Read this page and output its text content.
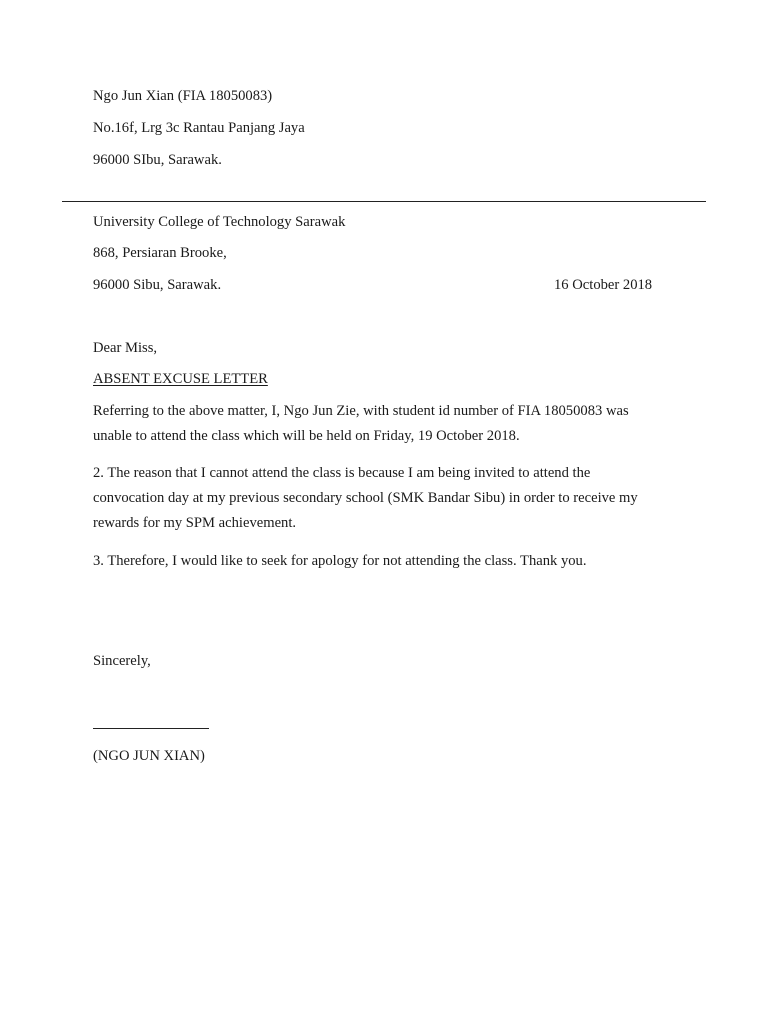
Ngo Jun Xian (FIA 18050083)
No.16f, Lrg 3c Rantau Panjang Jaya
96000 SIbu, Sarawak.
University College of Technology Sarawak
868, Persiaran Brooke,
96000 Sibu, Sarawak.	16 October 2018
Dear Miss,
ABSENT EXCUSE LETTER
Referring to the above matter, I, Ngo Jun Zie, with student id number of FIA 18050083 was
unable to attend the class which will be held on Friday, 19 October 2018.
2. The reason that I cannot attend the class is because I am being invited to attend the
convocation day at my previous secondary school (SMK Bandar Sibu) in order to receive my
rewards for my SPM achievement.
3. Therefore, I would like to seek for apology for not attending the class. Thank you.
Sincerely,
(NGO JUN XIAN)
